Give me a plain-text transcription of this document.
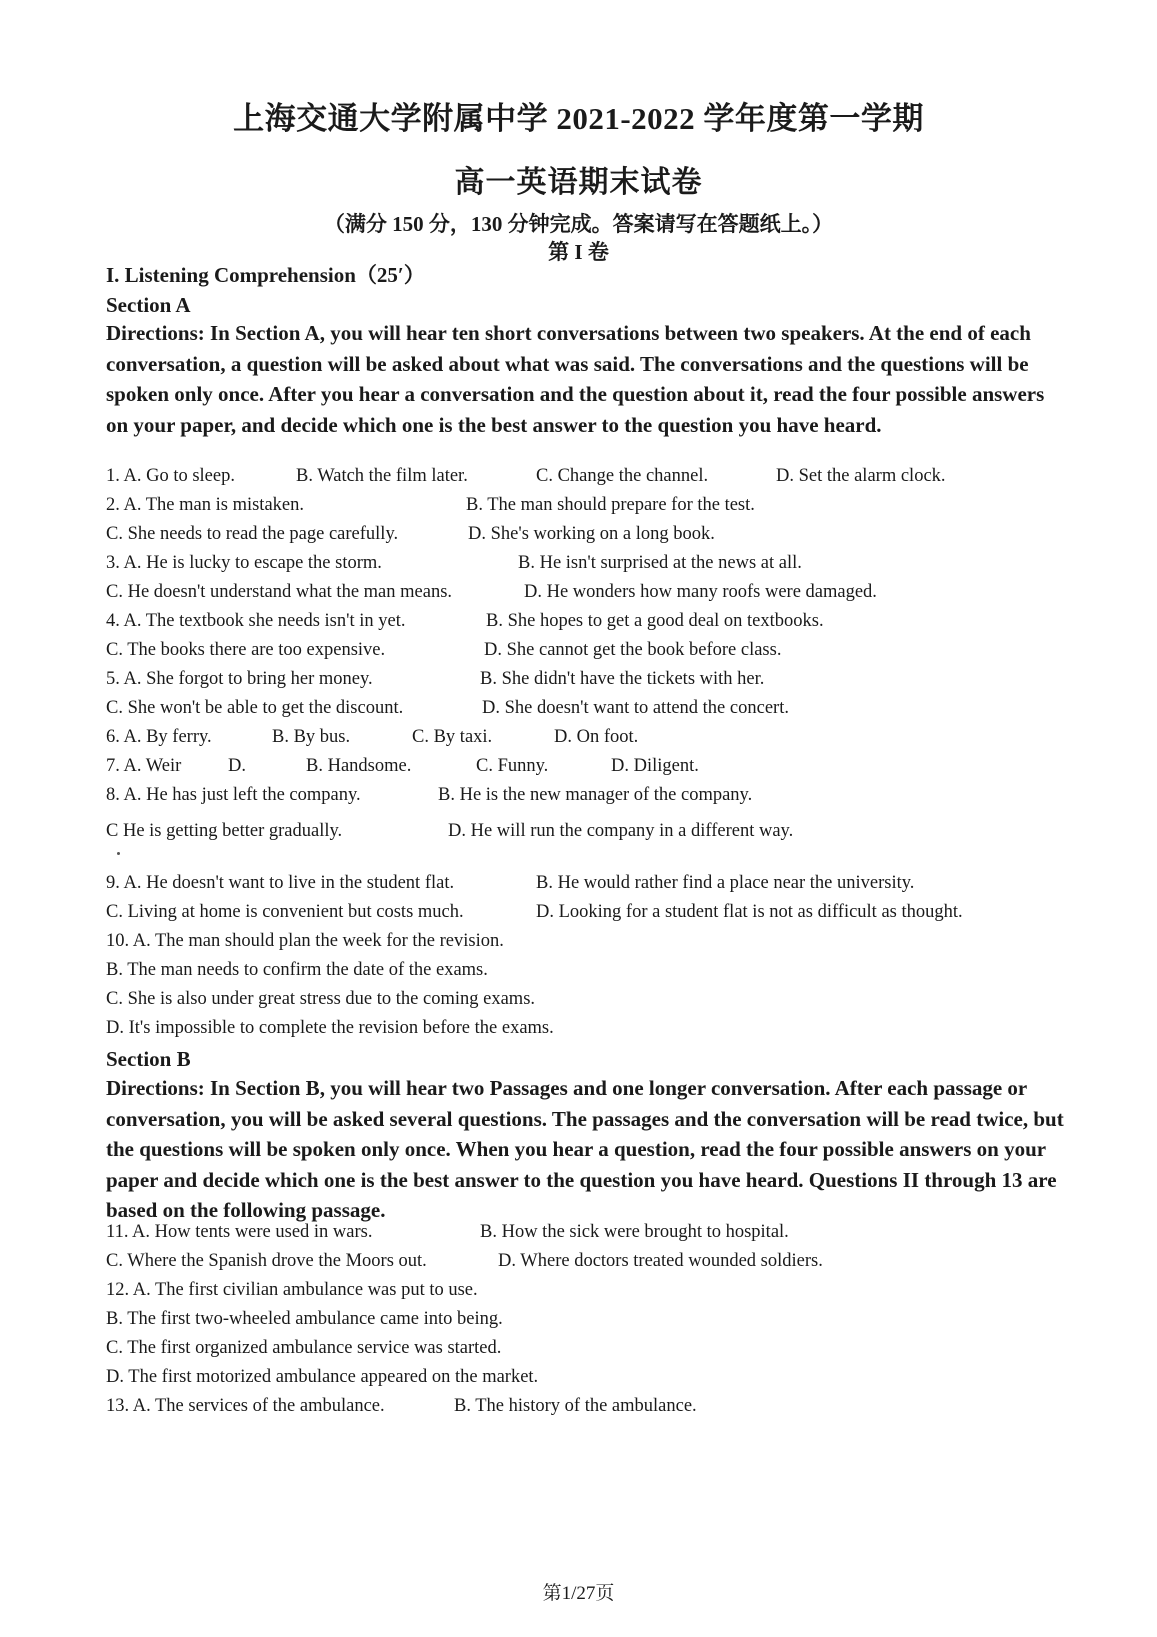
上海交通大学附属中学 2021-2022 学年度第一学期
高一英语期末试卷
（满分 150 分，130 分钟完成。答案请写在答题纸上。）
第 I 卷
I. Listening Comprehension（25′）
Section A
Directions: In Section A, you will hear ten short conversations between two speakers. At the end of each conversation, a question will be asked about what was said. The conversations and the questions will be spoken only once. After you hear a conversation and the question about it, read the four possible answers on your paper, and decide which one is the best answer to the question you have heard.
1. A. Go to sleep.	B. Watch the film later.	C. Change the channel.	D. Set the alarm clock.
2. A. The man is mistaken.	B. The man should prepare for the test.
C. She needs to read the page carefully.	D. She's working on a long book.
3. A. He is lucky to escape the storm.	B. He isn't surprised at the news at all.
C. He doesn't understand what the man means.	D. He wonders how many roofs were damaged.
4. A. The textbook she needs isn't in yet.	B. She hopes to get a good deal on textbooks.
C. The books there are too expensive.	D. She cannot get the book before class.
5. A. She forgot to bring her money.	B. She didn't have the tickets with her.
C. She won't be able to get the discount.	D. She doesn't want to attend the concert.
6. A. By ferry.	B. By bus.	C. By taxi.	D. On foot.
7. A. Weir	D.	B. Handsome.	C. Funny.	D. Diligent.
8. A. He has just left the company.	B. He is the new manager of the company.
C He is getting better gradually.	D. He will run the company in a different way.
9. A. He doesn't want to live in the student flat.	B. He would rather find a place near the university.
C. Living at home is convenient but costs much.	D. Looking for a student flat is not as difficult as thought.
10. A. The man should plan the week for the revision.
B. The man needs to confirm the date of the exams.
C. She is also under great stress due to the coming exams.
D. It's impossible to complete the revision before the exams.
Section B
Directions: In Section B, you will hear two Passages and one longer conversation. After each passage or conversation, you will be asked several questions. The passages and the conversation will be read twice, but the questions will be spoken only once. When you hear a question, read the four possible answers on your paper and decide which one is the best answer to the question you have heard. Questions II through 13 are based on the following passage.
11. A. How tents were used in wars.	B. How the sick were brought to hospital.
C. Where the Spanish drove the Moors out.	D. Where doctors treated wounded soldiers.
12. A. The first civilian ambulance was put to use.
B. The first two-wheeled ambulance came into being.
C. The first organized ambulance service was started.
D. The first motorized ambulance appeared on the market.
13. A. The services of the ambulance.	B. The history of the ambulance.
第1/27页
